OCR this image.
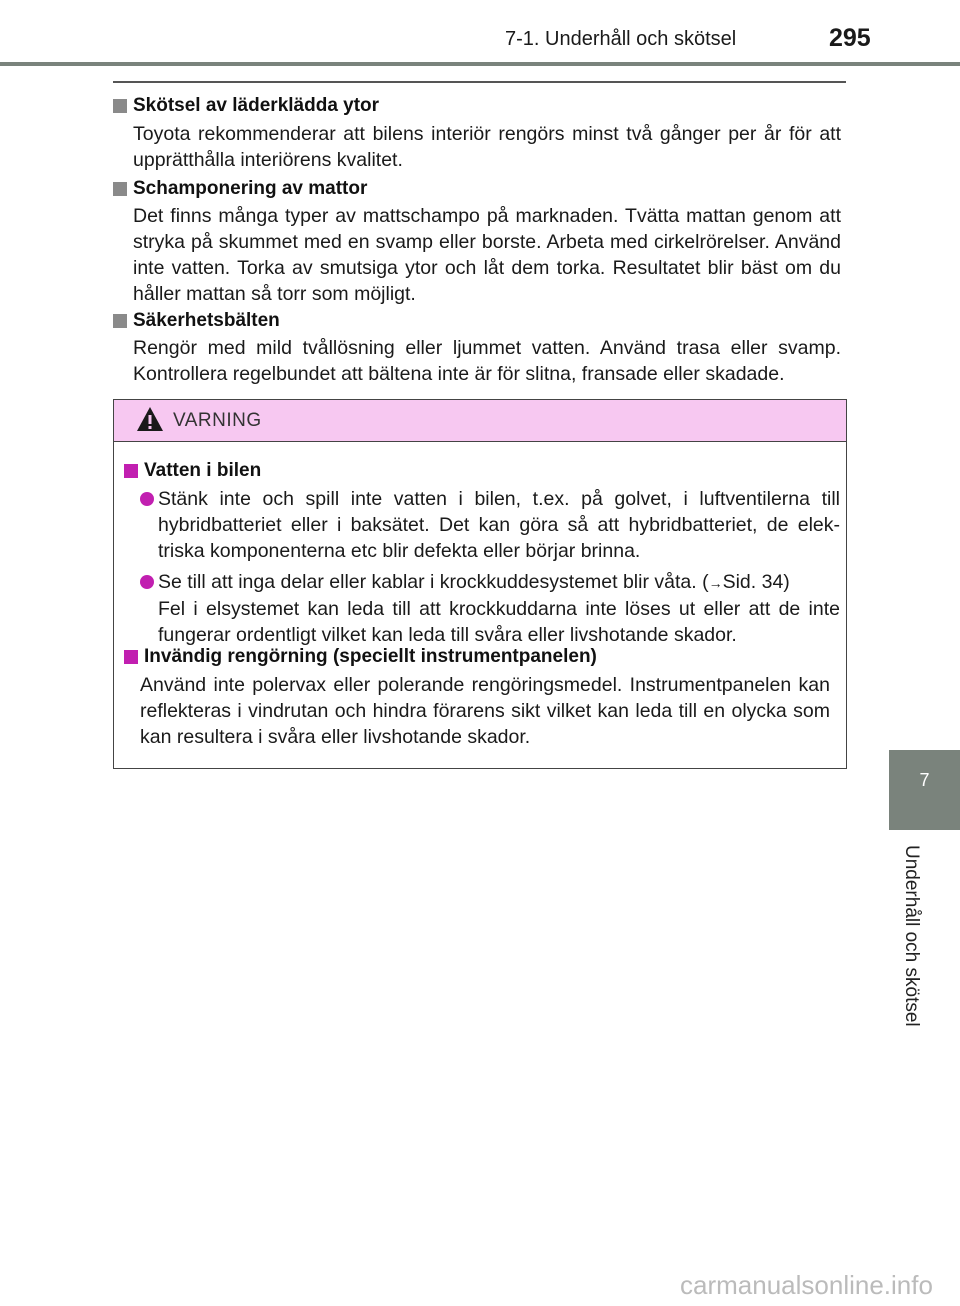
7-1. Underhåll och skötsel	295
7
Underhåll och skötsel
Skötsel av läderklädda ytor
Toyota rekommenderar att bilens interiör rengörs minst två gånger per år för att upprätthålla interiörens kvalitet.
Schamponering av mattor
Det finns många typer av mattschampo på marknaden. Tvätta mattan genom att stryka på skummet med en svamp eller borste. Arbeta med cirkelrörelser. Använd inte vatten. Torka av smutsiga ytor och låt dem torka. Resultatet blir bäst om du håller mattan så torr som möjligt.
Säkerhetsbälten
Rengör med mild tvållösning eller ljummet vatten. Använd trasa eller svamp. Kontrollera regelbundet att bältena inte är för slitna, fransade eller skadade.
VARNING
Vatten i bilen
Stänk inte och spill inte vatten i bilen, t.ex. på golvet, i luftventilerna till hybridbatteriet eller i baksätet. Det kan göra så att hybridbatteriet, de elek-triska komponenterna etc blir defekta eller börjar brinna.
Se till att inga delar eller kablar i krockkuddesystemet blir våta. (→Sid. 34)
Fel i elsystemet kan leda till att krockkuddarna inte löses ut eller att de inte fungerar ordentligt vilket kan leda till svåra eller livshotande skador.
Invändig rengörning (speciellt instrumentpanelen)
Använd inte polervax eller polerande rengöringsmedel. Instrumentpanelen kan reflekteras i vindrutan och hindra förarens sikt vilket kan leda till en olycka som kan resultera i svåra eller livshotande skador.
carmanualsonline.info
